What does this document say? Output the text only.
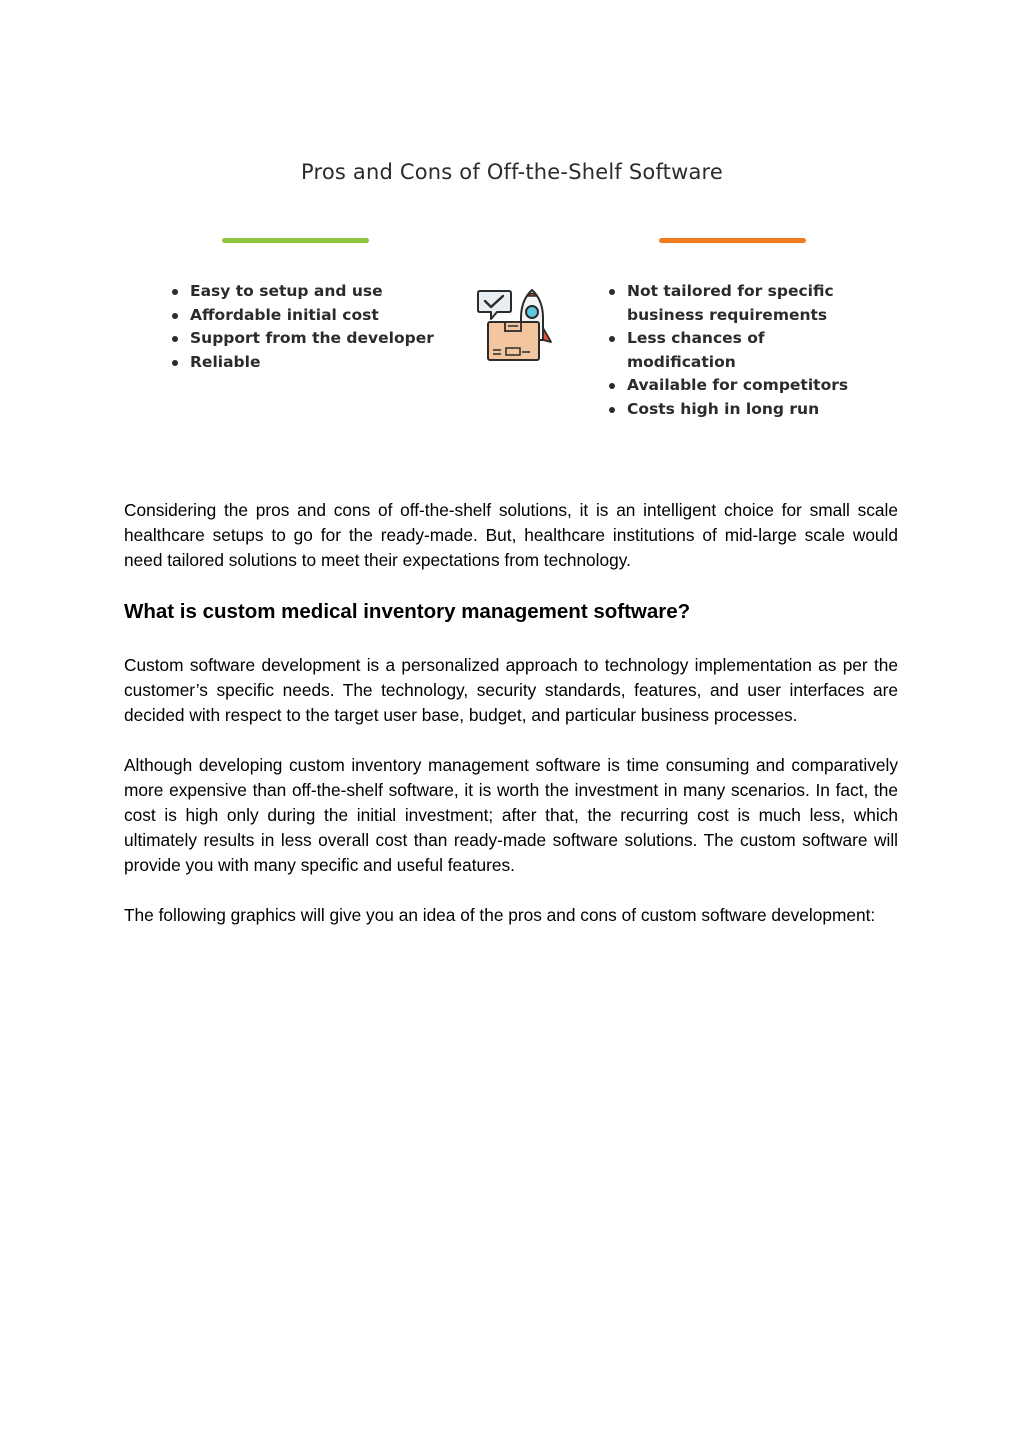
Pros and Cons of Off-the-Shelf Software
Easy to setup and use
Affordable initial cost
Support from the developer
Reliable
Not tailored for specific business requirements
Less chances of modification
Available for competitors
Costs high in long run

Considering the pros and cons of off-the-shelf solutions, it is an intelligent choice for small scale healthcare setups to go for the ready-made. But, healthcare institutions of mid-large scale would need tailored solutions to meet their expectations from technology.

What is custom medical inventory management software?

Custom software development is a personalized approach to technology implementation as per the customer’s specific needs. The technology, security standards, features, and user interfaces are decided with respect to the target user base, budget, and particular business processes.

Although developing custom inventory management software is time consuming and comparatively more expensive than off-the-shelf software, it is worth the investment in many scenarios. In fact, the cost is high only during the initial investment; after that, the recurring cost is much less, which ultimately results in less overall cost than ready-made software solutions. The custom software will provide you with many specific and useful features.

The following graphics will give you an idea of the pros and cons of custom software development:
